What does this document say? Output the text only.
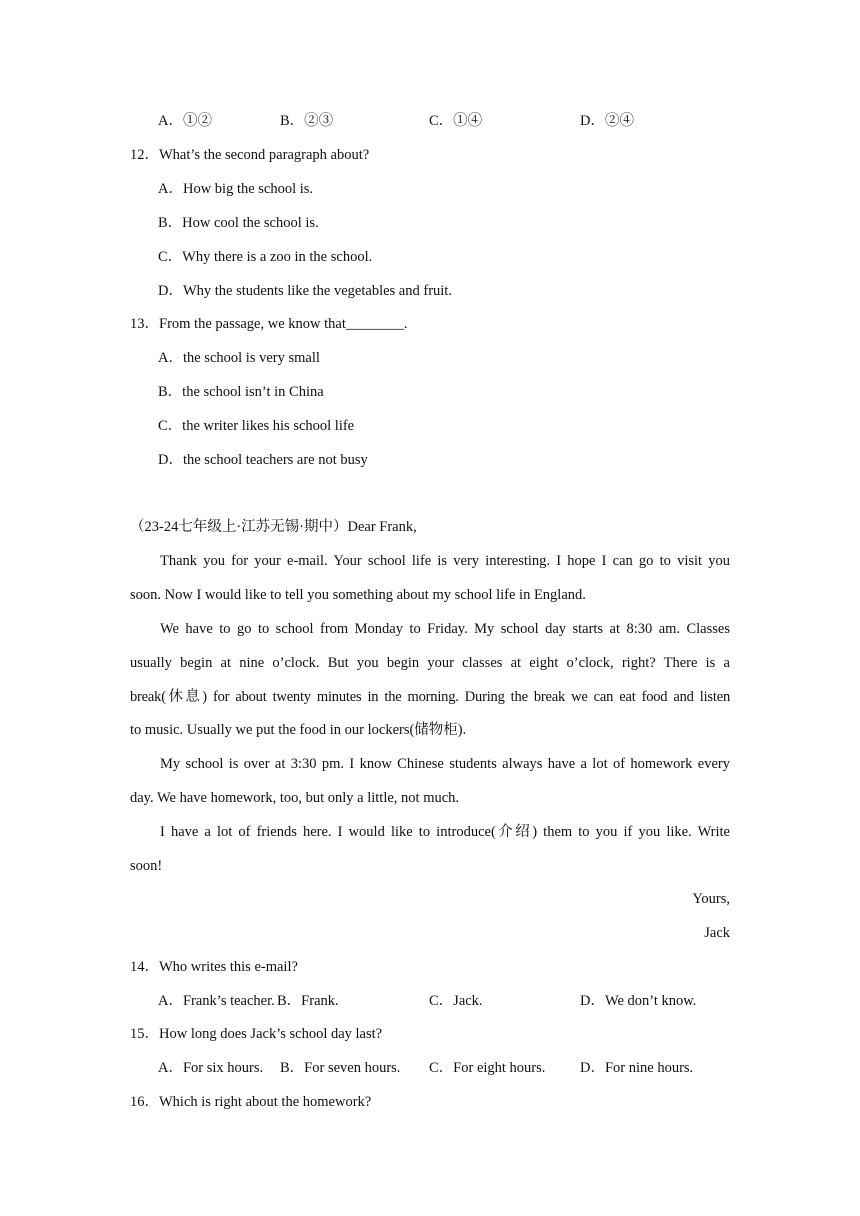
A．①②	B．②③	C．①④	D．②④
12．What’s the second paragraph about?
A．How big the school is.
B．How cool the school is.
C．Why there is a zoo in the school.
D．Why the students like the vegetables and fruit.
13．From the passage, we know that________.
A．the school is very small
B．the school isn’t in China
C．the writer likes his school life
D．the school teachers are not busy
（23-24七年级上·江苏无锡·期中）Dear Frank,
Thank you for your e-mail. Your school life is very interesting. I hope I can go to visit you
soon. Now I would like to tell you something about my school life in England.
We have to go to school from Monday to Friday. My school day starts at 8:30 am. Classes
usually begin at nine o’clock. But you begin your classes at eight o’clock, right? There is a
break(休息) for about twenty minutes in the morning. During the break we can eat food and listen
to music. Usually we put the food in our lockers(储物柜).
My school is over at 3:30 pm. I know Chinese students always have a lot of homework every
day. We have homework, too, but only a little, not much.
I have a lot of friends here. I would like to introduce(介绍) them to you if you like. Write
soon!
Yours,
Jack
14．Who writes this e-mail?
A．Frank’s teacher. B．Frank.	C．Jack.	D．We don’t know.
15．How long does Jack’s school day last?
A．For six hours. B．For seven hours. C．For eight hours. D．For nine hours.
16．Which is right about the homework?
